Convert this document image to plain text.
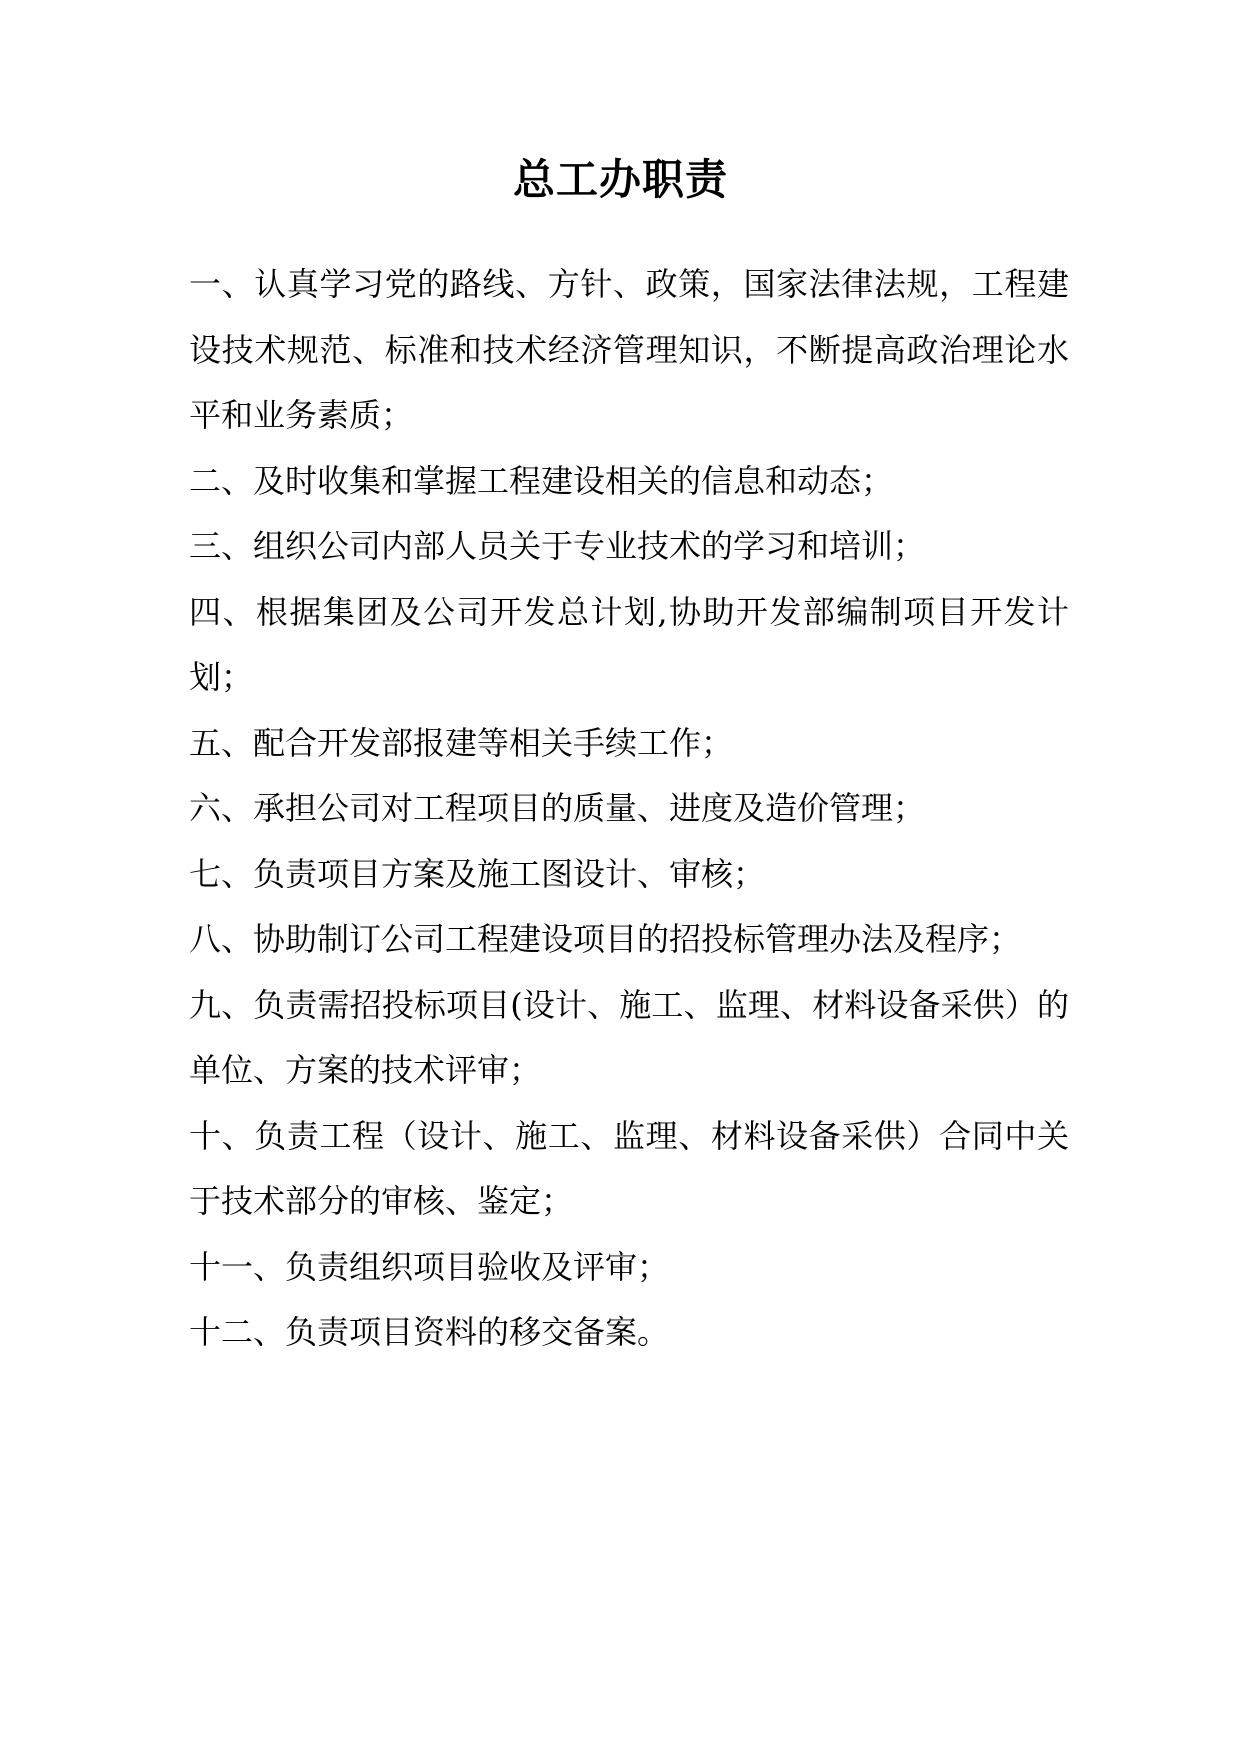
总工办职责

一、认真学习党的路线、方针、政策，国家法律法规，工程建设技术规范、标准和技术经济管理知识，不断提高政治理论水平和业务素质；

二、及时收集和掌握工程建设相关的信息和动态；

三、组织公司内部人员关于专业技术的学习和培训；

四、根据集团及公司开发总计划,协助开发部编制项目开发计划；

五、配合开发部报建等相关手续工作；

六、承担公司对工程项目的质量、进度及造价管理；

七、负责项目方案及施工图设计、审核；

八、协助制订公司工程建设项目的招投标管理办法及程序；

九、负责需招投标项目(设计、施工、监理、材料设备采供）的单位、方案的技术评审；

十、负责工程（设计、施工、监理、材料设备采供）合同中关于技术部分的审核、鉴定；

十一、负责组织项目验收及评审；

十二、负责项目资料的移交备案。
